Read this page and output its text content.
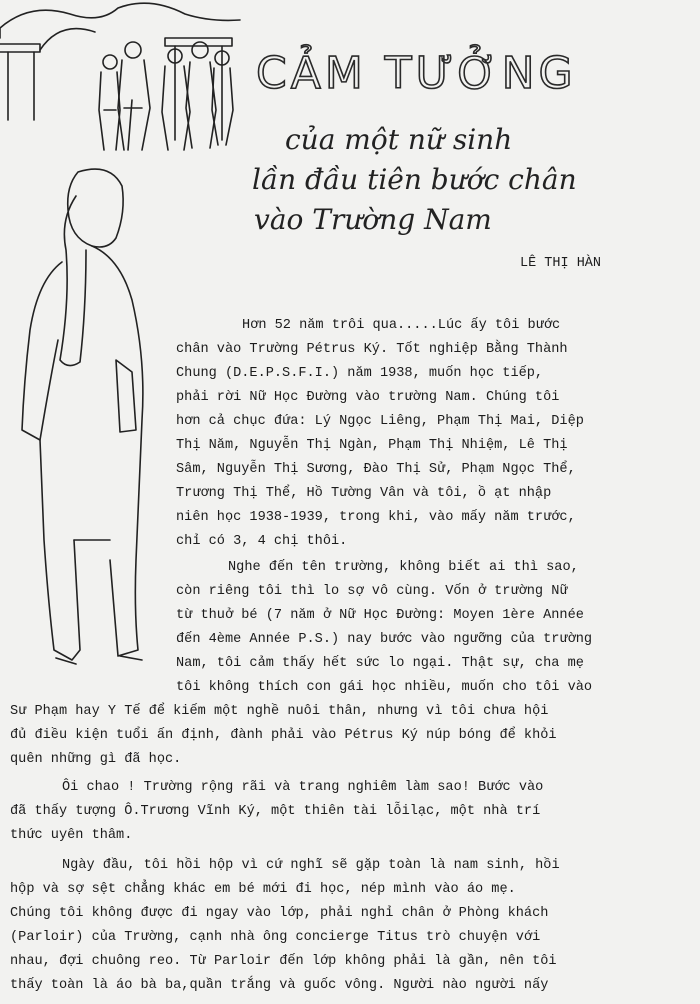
CẢM TƯỞNG
của một nữ sinh
lần đầu tiên bước chân
vào Trường Nam
LÊ THỊ HÀN
Hơn 52 năm trôi qua.....Lúc ấy tôi bước
chân vào Trường Pétrus Ký. Tốt nghiệp Bằng Thành
Chung (D.E.P.S.F.I.) năm 1938, muốn học tiếp,
phải rời Nữ Học Đường vào trường Nam. Chúng tôi
hơn cả chục đứa: Lý Ngọc Liêng, Phạm Thị Mai, Diệp
Thị Năm, Nguyễn Thị Ngàn, Phạm Thị Nhiệm, Lê Thị
Sâm, Nguyễn Thị Sương, Đào Thị Sử, Phạm Ngọc Thể,
Trương Thị Thể, Hồ Tường Vân và tôi, ồ ạt nhập
niên học 1938-1939, trong khi, vào mấy năm trước,
chỉ có 3, 4 chị thôi.
Nghe đến tên trường, không biết ai thì sao,
còn riêng tôi thì lo sợ vô cùng. Vốn ở trường Nữ
từ thuở bé (7 năm ở Nữ Học Đường: Moyen 1ère Année
đến 4ème Année P.S.) nay bước vào ngưỡng của trường
Nam, tôi cảm thấy hết sức lo ngại. Thật sự, cha mẹ
tôi không thích con gái học nhiều, muốn cho tôi vào
Sư Phạm hay Y Tế để kiếm một nghề nuôi thân, nhưng vì tôi chưa hội
đủ điều kiện tuổi ấn định, đành phải vào Pétrus Ký núp bóng để khỏi
quên những gì đã học.
Ôi chao ! Trường rộng rãi và trang nghiêm làm sao! Bước vào
đã thấy tượng Ô.Trương Vĩnh Ký, một thiên tài lỗilạc, một nhà trí
thức uyên thâm.
Ngày đầu, tôi hồi hộp vì cứ nghĩ sẽ gặp toàn là nam sinh, hồi
hộp và sợ sệt chẳng khác em bé mới đi học, nép mình vào áo mẹ.
Chúng tôi không được đi ngay vào lớp, phải nghỉ chân ở Phòng khách
(Parloir) của Trường, cạnh nhà ông concierge Titus trò chuyện với
nhau, đợi chuông reo. Từ Parloir đến lớp không phải là gần, nên tôi
thấy toàn là áo bà ba,quần trắng và guốc vông. Người nào người nấy
